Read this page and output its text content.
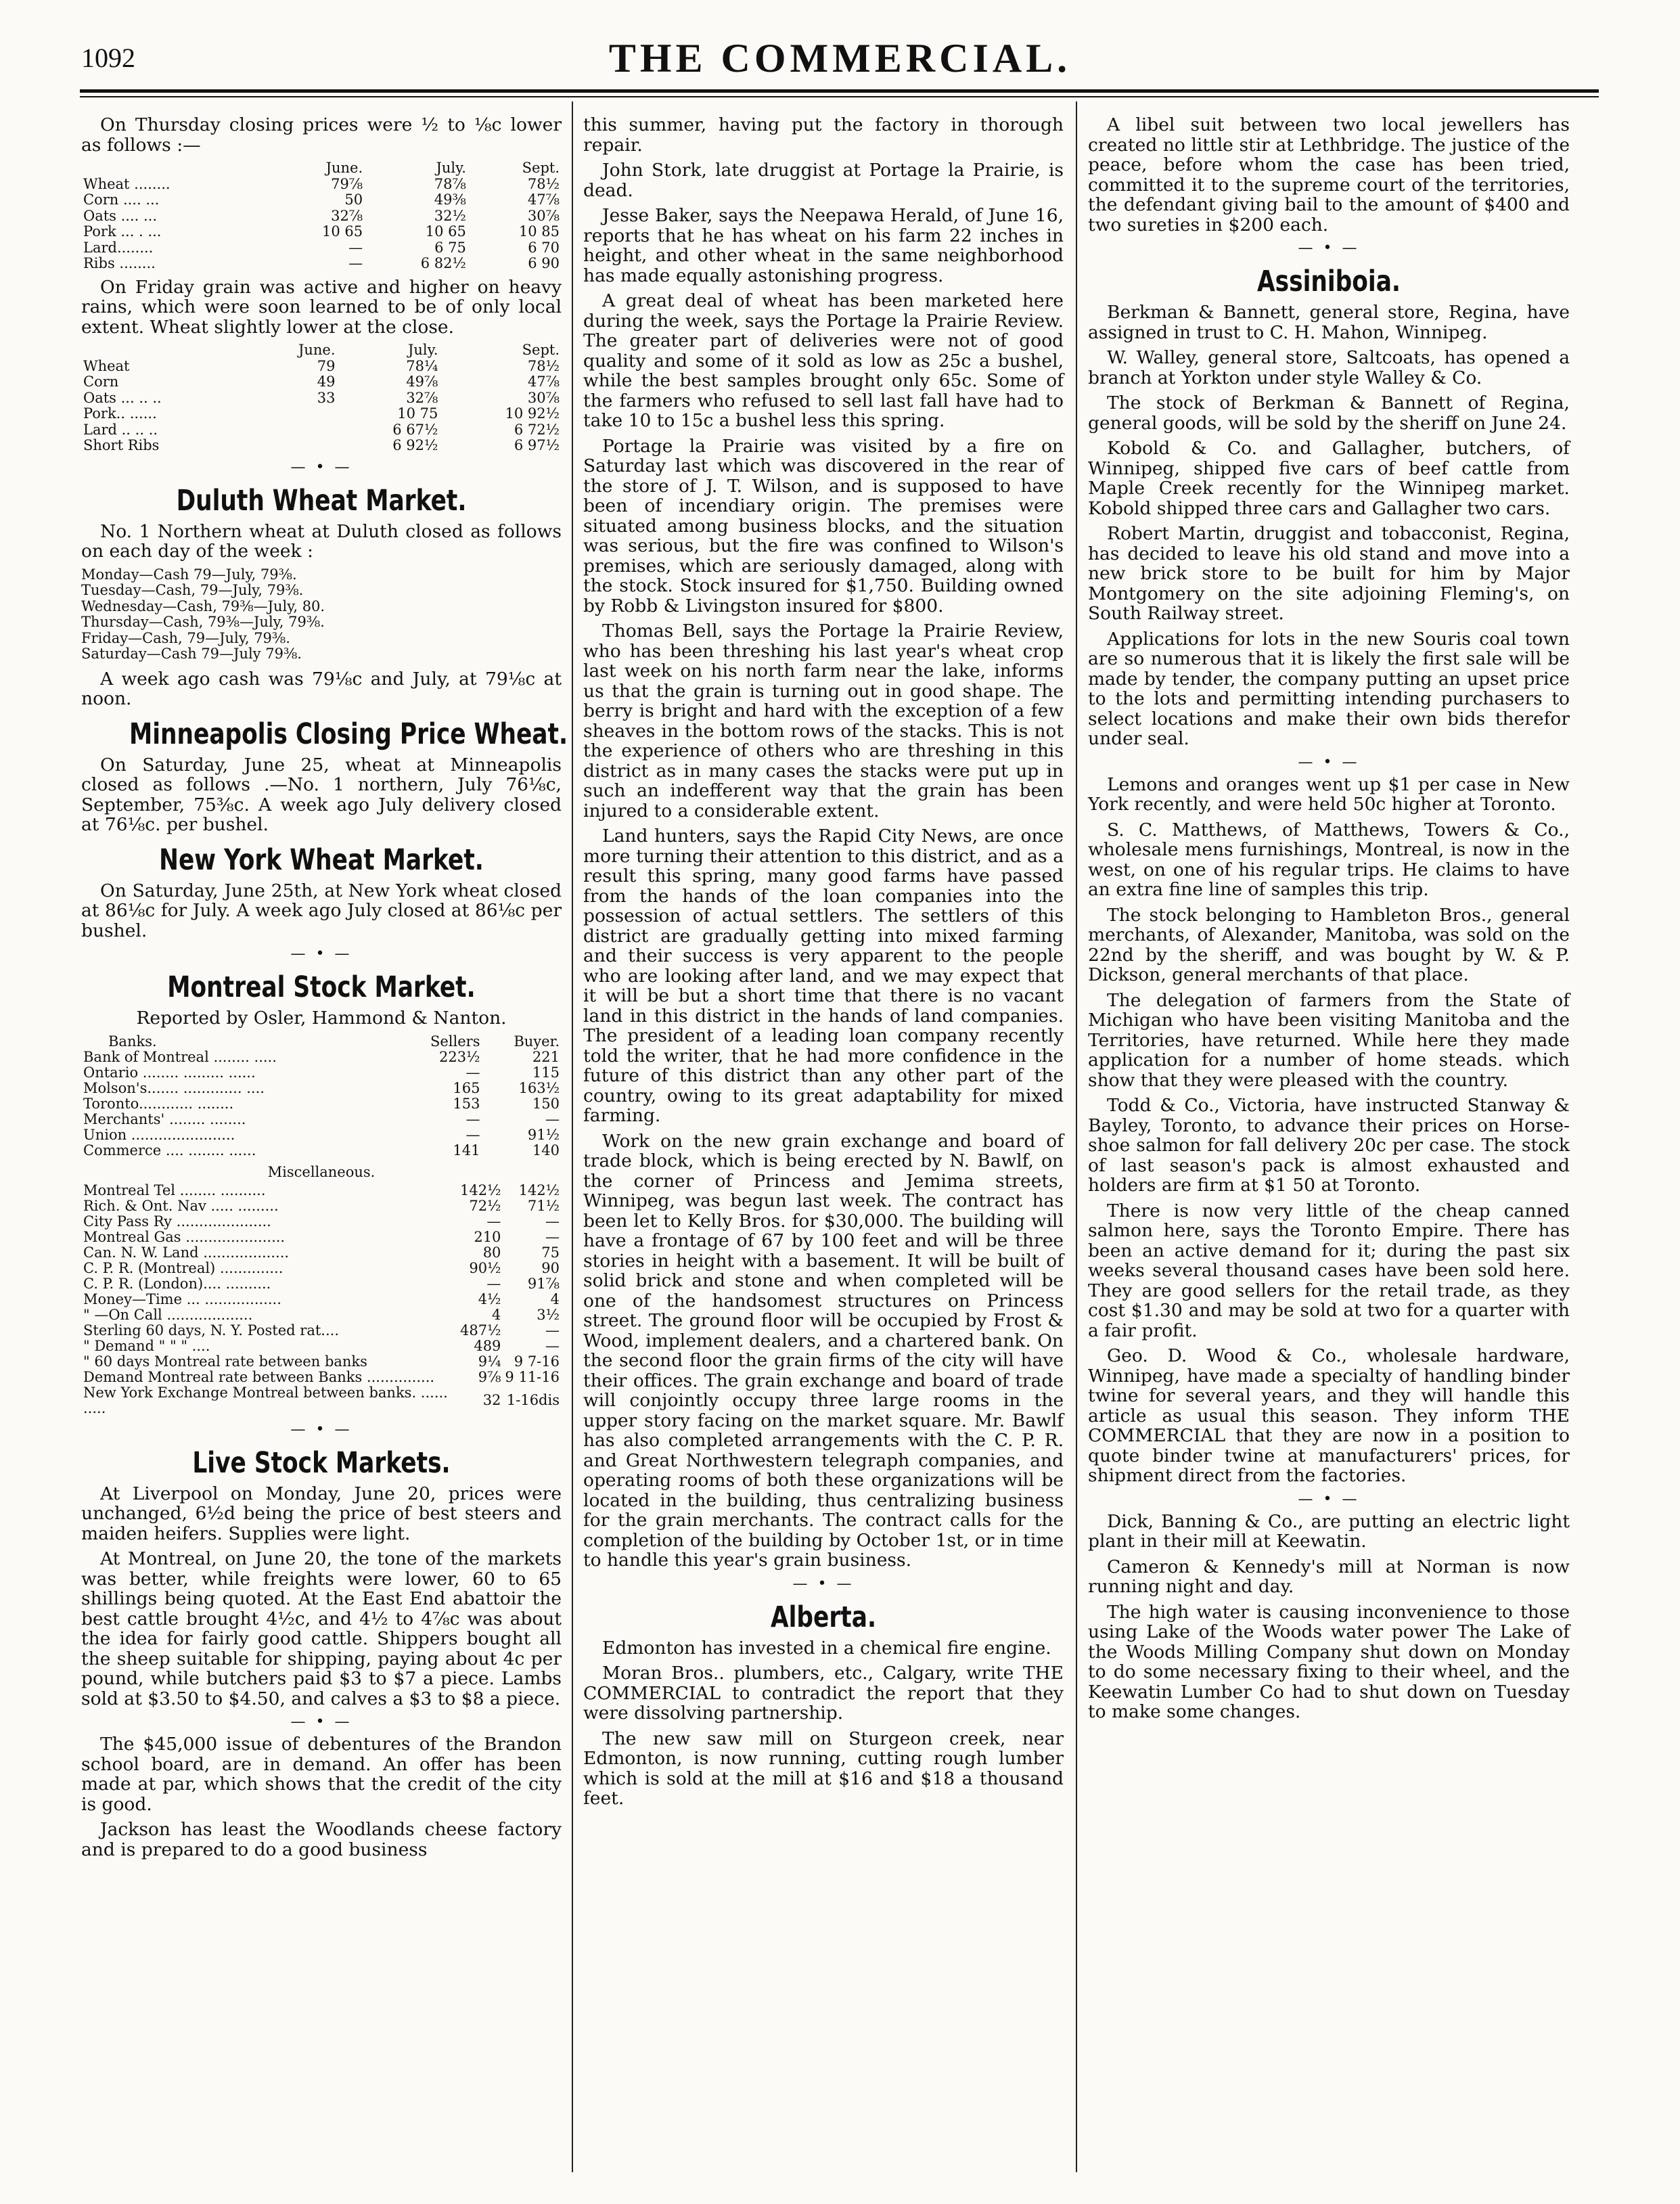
1092	THE COMMERCIAL.

On Thursday closing prices were ½ to ⅛c lower as follows :—

	June.	July.	Sept.
Wheat ........	79⅞	78⅞	78½
Corn .... ...	50	49⅜	47⅞
Oats .... ...	32⅞	32½	30⅞
Pork ... . ...	10 65	10 65	10 85
Lard........	—	6 75	6 70
Ribs ........	—	6 82½	6 90

On Friday grain was active and higher on heavy rains, which were soon learned to be of only local extent. Wheat slightly lower at the close.

	June.	July.	Sept.
Wheat	79	78¼	78½
Corn	49	49⅞	47⅞
Oats ... .. ..	33	32⅞	30⅞
Pork.. ......		10 75	10 92½
Lard .. .. ..		6 67½	6 72½
Short Ribs		6 92½	6 97½
— • —
Duluth Wheat Market.

No. 1 Northern wheat at Duluth closed as follows on each day of the week :

Monday—Cash 79—July, 79⅜.
Tuesday—Cash, 79—July, 79⅜.
Wednesday—Cash, 79⅜—July, 80.
Thursday—Cash, 79⅜—July, 79⅜.
Friday—Cash, 79—July, 79⅜.
Saturday—Cash 79—July 79⅜.

A week ago cash was 79⅛c and July, at 79⅛c at noon.

Minneapolis Closing Price Wheat.

On Saturday, June 25, wheat at Minneapolis closed as follows .—No. 1 northern, July 76⅛c, September, 75⅜c. A week ago July delivery closed at 76⅛c. per bushel.

New York Wheat Market.

On Saturday, June 25th, at New York wheat closed at 86⅛c for July. A week ago July closed at 86⅛c per bushel.

— • —
Montreal Stock Market.

Reported by Osler, Hammond & Nanton.

Banks.	Sellers	Buyer.
Bank of Montreal ........ .....	223½	221
Ontario ........ ......... ......	—	115
Molson's....... ............. ....	165	163½
Toronto............ ........	153	150
Merchants' ........ ........	—	—
Union .......................	—	91½
Commerce .... ........ ......	141	140
Miscellaneous.
Montreal Tel ........ ..........	142½	142½
Rich. & Ont. Nav ..... .........	72½	71½
City Pass Ry .....................	—	—
Montreal Gas ......................	210	—
Can. N. W. Land ...................	80	75
C. P. R. (Montreal) ..............	90½	90
C. P. R. (London).... ..........	—	91⅞
Money—Time ... .................	4½	4
" —On Call ...................	4	3½
Sterling 60 days, N. Y. Posted rat....	487½	—
" Demand " " " ....	489	—
" 60 days Montreal rate between banks	9¼	9 7-16
Demand Montreal rate between Banks ...............	9⅞	9 11-16
New York Exchange Montreal between banks. ...... .....	32	1-16dis
— • —
Live Stock Markets.

At Liverpool on Monday, June 20, prices were unchanged, 6½d being the price of best steers and maiden heifers. Supplies were light.

At Montreal, on June 20, the tone of the markets was better, while freights were lower, 60 to 65 shillings being quoted. At the East End abattoir the best cattle brought 4½c, and 4½ to 4⅞c was about the idea for fairly good cattle. Shippers bought all the sheep suitable for shipping, paying about 4c per pound, while butchers paid $3 to $7 a piece. Lambs sold at $3.50 to $4.50, and calves a $3 to $8 a piece.

— • —

The $45,000 issue of debentures of the Brandon school board, are in demand. An offer has been made at par, which shows that the credit of the city is good.

Jackson has least the Woodlands cheese factory and is prepared to do a good business

this summer, having put the factory in thorough repair.

John Stork, late druggist at Portage la Prairie, is dead.

Jesse Baker, says the Neepawa Herald, of June 16, reports that he has wheat on his farm 22 inches in height, and other wheat in the same neighborhood has made equally astonishing progress.

A great deal of wheat has been marketed here during the week, says the Portage la Prairie Review. The greater part of deliveries were not of good quality and some of it sold as low as 25c a bushel, while the best samples brought only 65c. Some of the farmers who refused to sell last fall have had to take 10 to 15c a bushel less this spring.

Portage la Prairie was visited by a fire on Saturday last which was discovered in the rear of the store of J. T. Wilson, and is supposed to have been of incendiary origin. The premises were situated among business blocks, and the situation was serious, but the fire was confined to Wilson's premises, which are seriously damaged, along with the stock. Stock insured for $1,750. Building owned by Robb & Livingston insured for $800.

Thomas Bell, says the Portage la Prairie Review, who has been threshing his last year's wheat crop last week on his north farm near the lake, informs us that the grain is turning out in good shape. The berry is bright and hard with the exception of a few sheaves in the bottom rows of the stacks. This is not the experience of others who are threshing in this district as in many cases the stacks were put up in such an indefferent way that the grain has been injured to a considerable extent.

Land hunters, says the Rapid City News, are once more turning their attention to this district, and as a result this spring, many good farms have passed from the hands of the loan companies into the possession of actual settlers. The settlers of this district are gradually getting into mixed farming and their success is very apparent to the people who are looking after land, and we may expect that it will be but a short time that there is no vacant land in this district in the hands of land companies. The president of a leading loan company recently told the writer, that he had more confidence in the future of this district than any other part of the country, owing to its great adaptability for mixed farming.

Work on the new grain exchange and board of trade block, which is being erected by N. Bawlf, on the corner of Princess and Jemima streets, Winnipeg, was begun last week. The contract has been let to Kelly Bros. for $30,000. The building will have a frontage of 67 by 100 feet and will be three stories in height with a basement. It will be built of solid brick and stone and when completed will be one of the handsomest structures on Princess street. The ground floor will be occupied by Frost & Wood, implement dealers, and a chartered bank. On the second floor the grain firms of the city will have their offices. The grain exchange and board of trade will conjointly occupy three large rooms in the upper story facing on the market square. Mr. Bawlf has also completed arrangements with the C. P. R. and Great Northwestern telegraph companies, and operating rooms of both these organizations will be located in the building, thus centralizing business for the grain merchants. The contract calls for the completion of the building by October 1st, or in time to handle this year's grain business.

— • —
Alberta.

Edmonton has invested in a chemical fire engine.

Moran Bros.. plumbers, etc., Calgary, write THE COMMERCIAL to contradict the report that they were dissolving partnership.

The new saw mill on Sturgeon creek, near Edmonton, is now running, cutting rough lumber which is sold at the mill at $16 and $18 a thousand feet.

A libel suit between two local jewellers has created no little stir at Lethbridge. The justice of the peace, before whom the case has been tried, committed it to the supreme court of the territories, the defendant giving bail to the amount of $400 and two sureties in $200 each.

— • —
Assiniboia.

Berkman & Bannett, general store, Regina, have assigned in trust to C. H. Mahon, Winnipeg.

W. Walley, general store, Saltcoats, has opened a branch at Yorkton under style Walley & Co.

The stock of Berkman & Bannett of Regina, general goods, will be sold by the sheriff on June 24.

Kobold & Co. and Gallagher, butchers, of Winnipeg, shipped five cars of beef cattle from Maple Creek recently for the Winnipeg market. Kobold shipped three cars and Gallagher two cars.

Robert Martin, druggist and tobacconist, Regina, has decided to leave his old stand and move into a new brick store to be built for him by Major Montgomery on the site adjoining Fleming's, on South Railway street.

Applications for lots in the new Souris coal town are so numerous that it is likely the first sale will be made by tender, the company putting an upset price to the lots and permitting intending purchasers to select locations and make their own bids therefor under seal.

— • —

Lemons and oranges went up $1 per case in New York recently, and were held 50c higher at Toronto.

S. C. Matthews, of Matthews, Towers & Co., wholesale mens furnishings, Montreal, is now in the west, on one of his regular trips. He claims to have an extra fine line of samples this trip.

The stock belonging to Hambleton Bros., general merchants, of Alexander, Manitoba, was sold on the 22nd by the sheriff, and was bought by W. & P. Dickson, general merchants of that place.

The delegation of farmers from the State of Michigan who have been visiting Manitoba and the Territories, have returned. While here they made application for a number of home steads. which show that they were pleased with the country.

Todd & Co., Victoria, have instructed Stanway & Bayley, Toronto, to advance their prices on Horse-shoe salmon for fall delivery 20c per case. The stock of last season's pack is almost exhausted and holders are firm at $1 50 at Toronto.

There is now very little of the cheap canned salmon here, says the Toronto Empire. There has been an active demand for it; during the past six weeks several thousand cases have been sold here. They are good sellers for the retail trade, as they cost $1.30 and may be sold at two for a quarter with a fair profit.

Geo. D. Wood & Co., wholesale hardware, Winnipeg, have made a specialty of handling binder twine for several years, and they will handle this article as usual this season. They inform THE COMMERCIAL that they are now in a position to quote binder twine at manufacturers' prices, for shipment direct from the factories.

— • —

Dick, Banning & Co., are putting an electric light plant in their mill at Keewatin.

Cameron & Kennedy's mill at Norman is now running night and day.

The high water is causing inconvenience to those using Lake of the Woods water power The Lake of the Woods Milling Company shut down on Monday to do some necessary fixing to their wheel, and the Keewatin Lumber Co had to shut down on Tuesday to make some changes.
